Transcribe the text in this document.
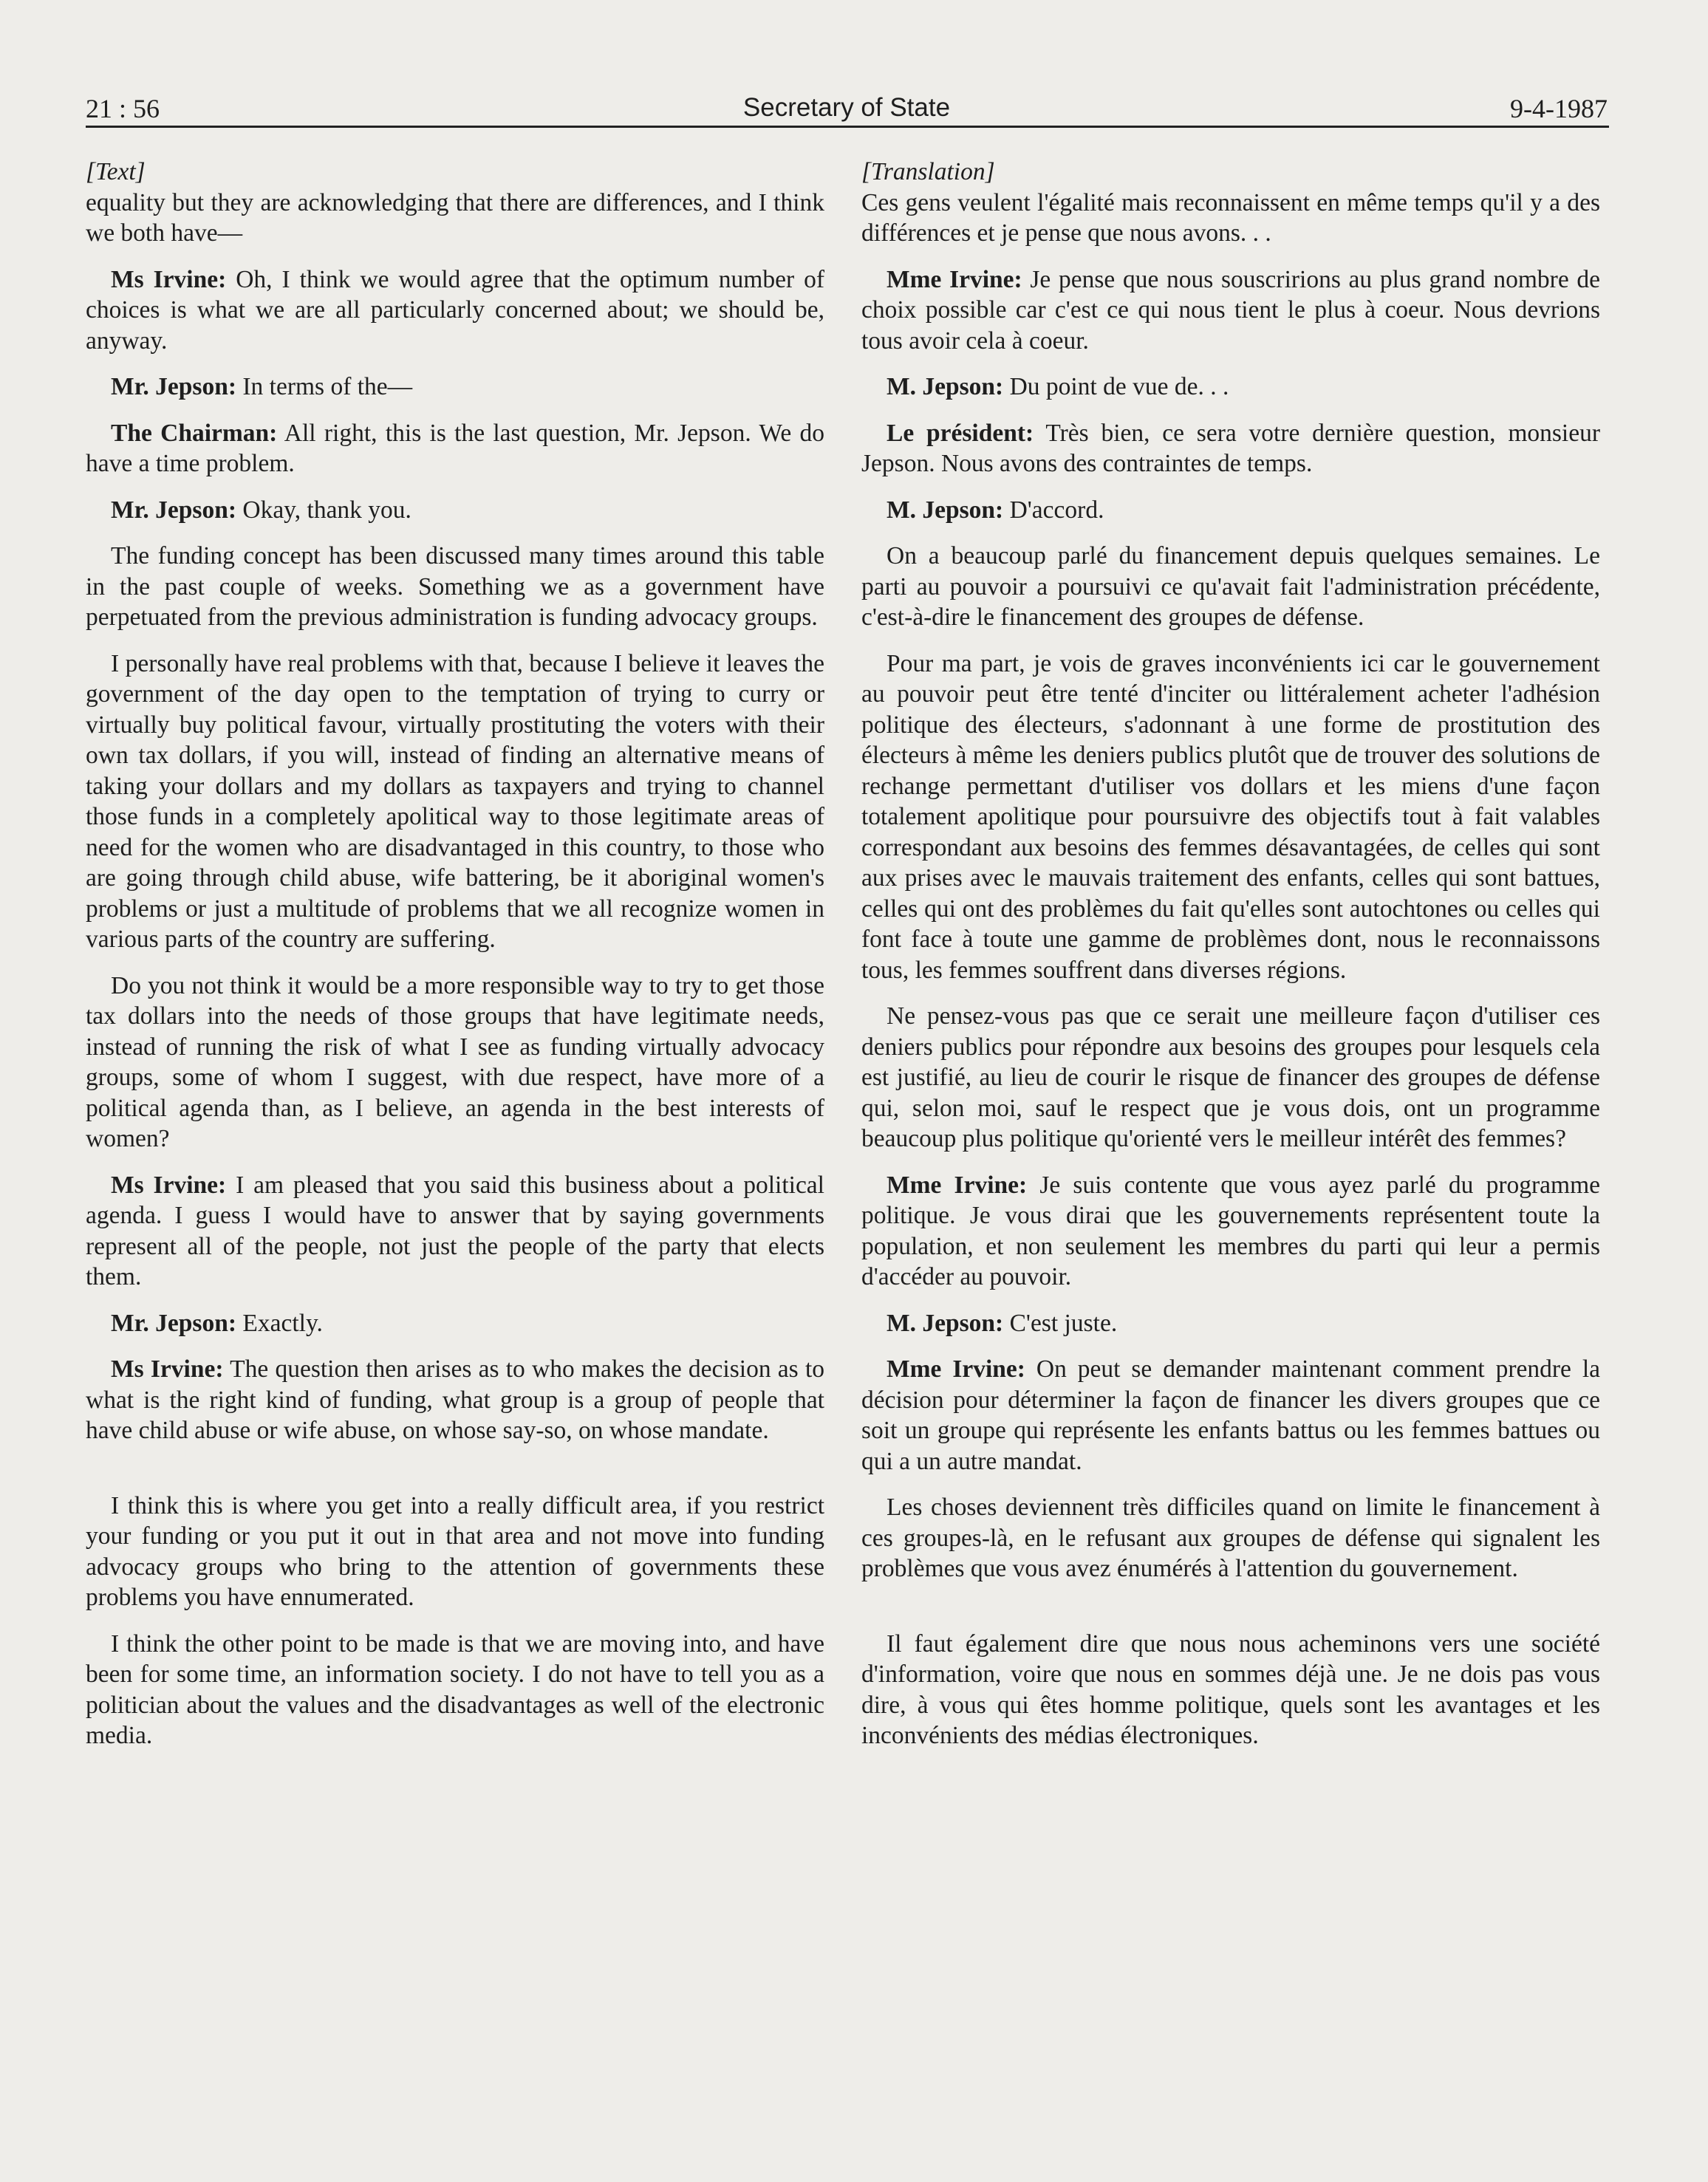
21 : 56	Secretary of State	9-4-1987
[Text]

equality but they are acknowledging that there are differences, and I think we both have—

Ms Irvine: Oh, I think we would agree that the optimum number of choices is what we are all particularly concerned about; we should be, anyway.

Mr. Jepson: In terms of the—

The Chairman: All right, this is the last question, Mr. Jepson. We do have a time problem.

Mr. Jepson: Okay, thank you.

The funding concept has been discussed many times around this table in the past couple of weeks. Something we as a government have perpetuated from the previous administration is funding advocacy groups.

I personally have real problems with that, because I believe it leaves the government of the day open to the temptation of trying to curry or virtually buy political favour, virtually prostituting the voters with their own tax dollars, if you will, instead of finding an alternative means of taking your dollars and my dollars as taxpayers and trying to channel those funds in a completely apolitical way to those legitimate areas of need for the women who are disadvantaged in this country, to those who are going through child abuse, wife battering, be it aboriginal women's problems or just a multitude of problems that we all recognize women in various parts of the country are suffering.

Do you not think it would be a more responsible way to try to get those tax dollars into the needs of those groups that have legitimate needs, instead of running the risk of what I see as funding virtually advocacy groups, some of whom I suggest, with due respect, have more of a political agenda than, as I believe, an agenda in the best interests of women?

Ms Irvine: I am pleased that you said this business about a political agenda. I guess I would have to answer that by saying governments represent all of the people, not just the people of the party that elects them.

Mr. Jepson: Exactly.

Ms Irvine: The question then arises as to who makes the decision as to what is the right kind of funding, what group is a group of people that have child abuse or wife abuse, on whose say-so, on whose mandate.

I think this is where you get into a really difficult area, if you restrict your funding or you put it out in that area and not move into funding advocacy groups who bring to the attention of governments these problems you have ennumerated.

I think the other point to be made is that we are moving into, and have been for some time, an information society. I do not have to tell you as a politician about the values and the disadvantages as well of the electronic media.

[Translation]

Ces gens veulent l'égalité mais reconnaissent en même temps qu'il y a des différences et je pense que nous avons. . .

Mme Irvine: Je pense que nous souscririons au plus grand nombre de choix possible car c'est ce qui nous tient le plus à coeur. Nous devrions tous avoir cela à coeur.

M. Jepson: Du point de vue de. . .

Le président: Très bien, ce sera votre dernière question, monsieur Jepson. Nous avons des contraintes de temps.

M. Jepson: D'accord.

On a beaucoup parlé du financement depuis quelques semaines. Le parti au pouvoir a poursuivi ce qu'avait fait l'administration précédente, c'est-à-dire le financement des groupes de défense.

Pour ma part, je vois de graves inconvénients ici car le gouvernement au pouvoir peut être tenté d'inciter ou littéralement acheter l'adhésion politique des électeurs, s'adonnant à une forme de prostitution des électeurs à même les deniers publics plutôt que de trouver des solutions de rechange permettant d'utiliser vos dollars et les miens d'une façon totalement apolitique pour poursuivre des objectifs tout à fait valables correspondant aux besoins des femmes désavantagées, de celles qui sont aux prises avec le mauvais traitement des enfants, celles qui sont battues, celles qui ont des problèmes du fait qu'elles sont autochtones ou celles qui font face à toute une gamme de problèmes dont, nous le reconnaissons tous, les femmes souffrent dans diverses régions.

Ne pensez-vous pas que ce serait une meilleure façon d'utiliser ces deniers publics pour répondre aux besoins des groupes pour lesquels cela est justifié, au lieu de courir le risque de financer des groupes de défense qui, selon moi, sauf le respect que je vous dois, ont un programme beaucoup plus politique qu'orienté vers le meilleur intérêt des femmes?

Mme Irvine: Je suis contente que vous ayez parlé du programme politique. Je vous dirai que les gouvernements représentent toute la population, et non seulement les membres du parti qui leur a permis d'accéder au pouvoir.

M. Jepson: C'est juste.

Mme Irvine: On peut se demander maintenant comment prendre la décision pour déterminer la façon de financer les divers groupes que ce soit un groupe qui représente les enfants battus ou les femmes battues ou qui a un autre mandat.

Les choses deviennent très difficiles quand on limite le financement à ces groupes-là, en le refusant aux groupes de défense qui signalent les problèmes que vous avez énumérés à l'attention du gouvernement.

Il faut également dire que nous nous acheminons vers une société d'information, voire que nous en sommes déjà une. Je ne dois pas vous dire, à vous qui êtes homme politique, quels sont les avantages et les inconvénients des médias électroniques.
